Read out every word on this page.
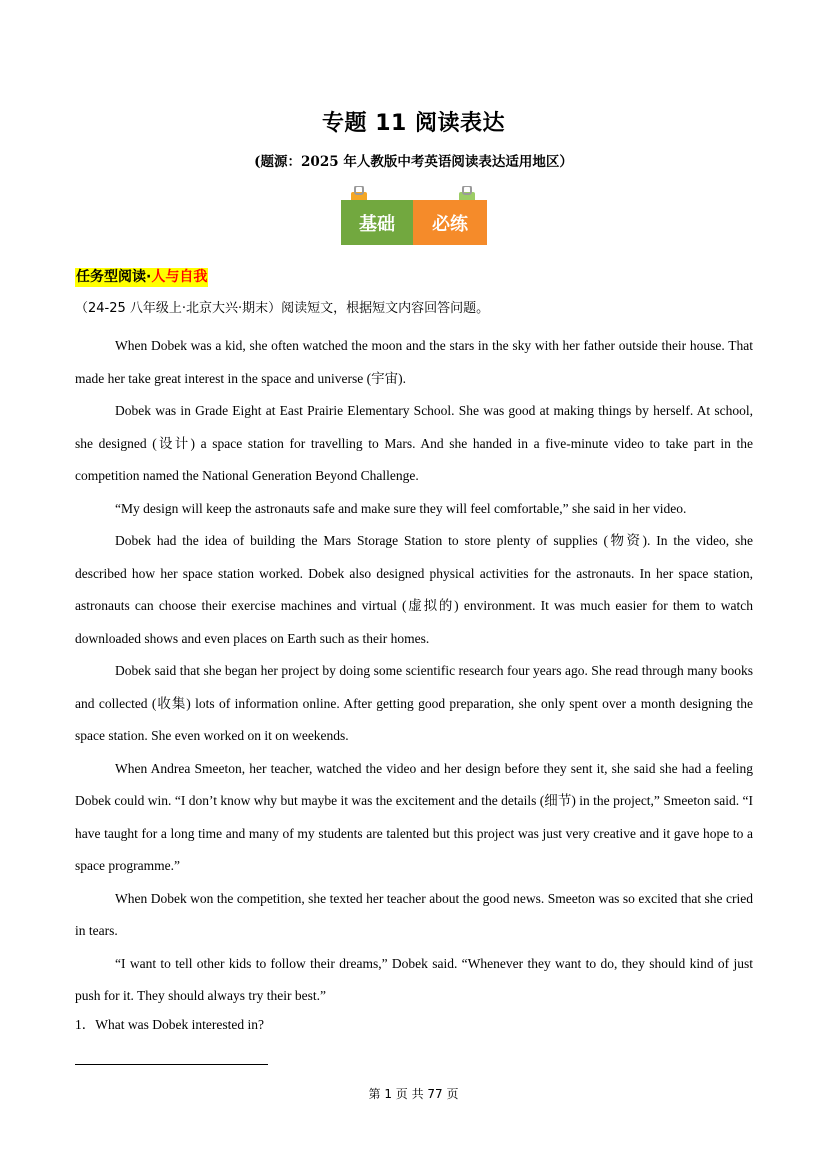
专题 11 阅读表达
(题源：2025 年人教版中考英语阅读表达适用地区）
基础	必练
任务型阅读·人与自我
（24-25 八年级上·北京大兴·期末）阅读短文，根据短文内容回答问题。

When Dobek was a kid, she often watched the moon and the stars in the sky with her father outside their house. That made her take great interest in the space and universe (宇宙).

Dobek was in Grade Eight at East Prairie Elementary School. She was good at making things by herself. At school, she designed (设计) a space station for travelling to Mars. And she handed in a five-minute video to take part in the competition named the National Generation Beyond Challenge.

“My design will keep the astronauts safe and make sure they will feel comfortable,” she said in her video.

Dobek had the idea of building the Mars Storage Station to store plenty of supplies (物资). In the video, she described how her space station worked. Dobek also designed physical activities for the astronauts. In her space station, astronauts can choose their exercise machines and virtual (虚拟的) environment. It was much easier for them to watch downloaded shows and even places on Earth such as their homes.

Dobek said that she began her project by doing some scientific research four years ago. She read through many books and collected (收集) lots of information online. After getting good preparation, she only spent over a month designing the space station. She even worked on it on weekends.

When Andrea Smeeton, her teacher, watched the video and her design before they sent it, she said she had a feeling Dobek could win. “I don’t know why but maybe it was the excitement and the details (细节) in the project,” Smeeton said. “I have taught for a long time and many of my students are talented but this project was just very creative and it gave hope to a space programme.”

When Dobek won the competition, she texted her teacher about the good news. Smeeton was so excited that she cried in tears.

“I want to tell other kids to follow their dreams,” Dobek said. “Whenever they want to do, they should kind of just push for it. They should always try their best.”

1．What was Dobek interested in?
第 1 页 共 77 页
